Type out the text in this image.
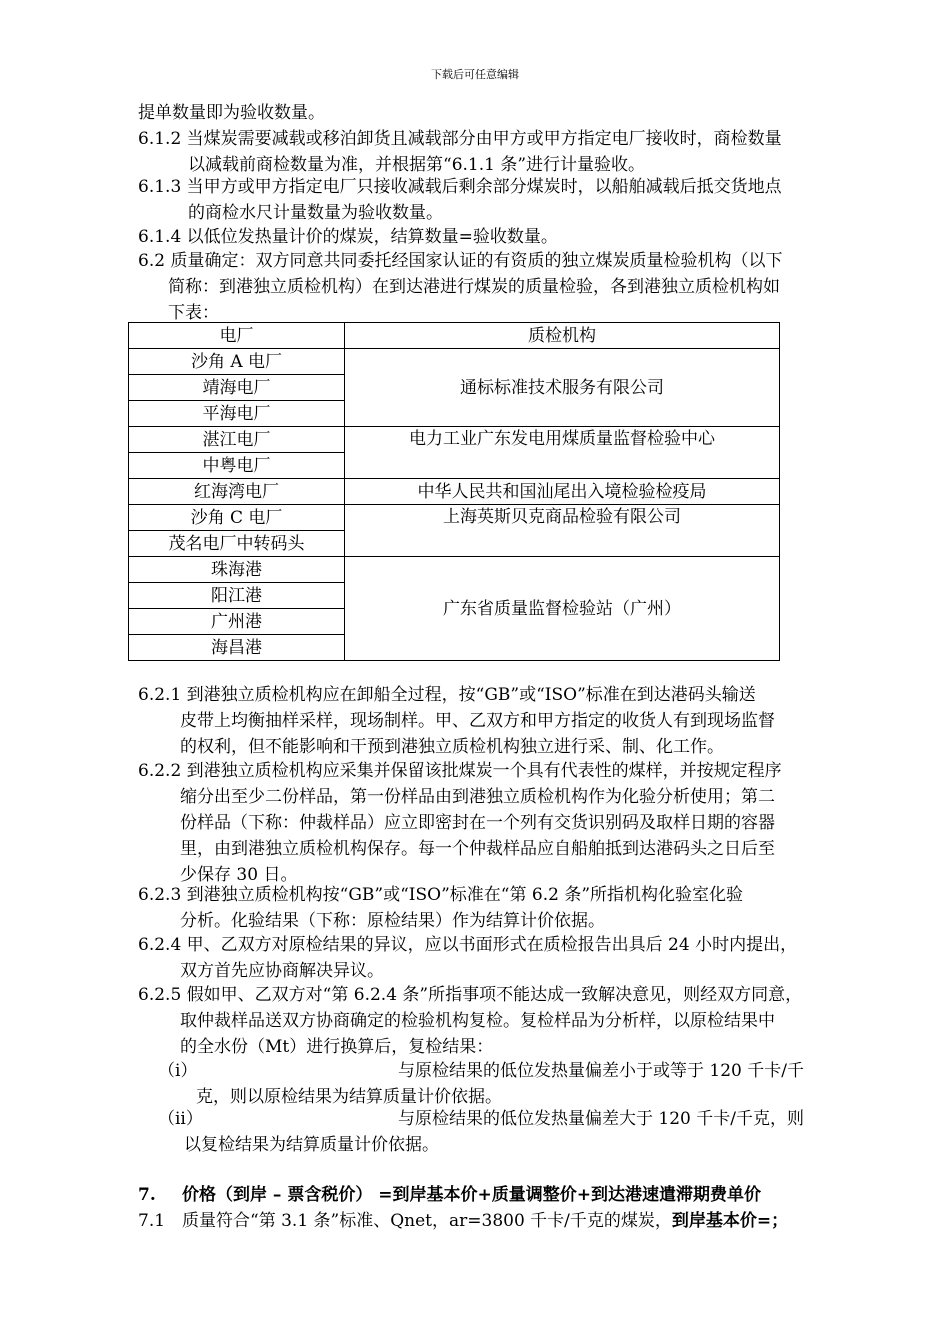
下载后可任意编辑
提单数量即为验收数量。
6.1.2 当煤炭需要减载或移泊卸货且减载部分由甲方或甲方指定电厂接收时，商检数量
以减载前商检数量为准，并根据第“6.1.1 条”进行计量验收。
6.1.3 当甲方或甲方指定电厂只接收减载后剩余部分煤炭时，以船舶减载后抵交货地点
的商检水尺计量数量为验收数量。
6.1.4 以低位发热量计价的煤炭，结算数量=验收数量。
6.2 质量确定：双方同意共同委托经国家认证的有资质的独立煤炭质量检验机构（以下
简称：到港独立质检机构）在到达港进行煤炭的质量检验，各到港独立质检机构如
下表：
电厂	质检机构
沙角 A 电厂	通标标准技术服务有限公司
靖海电厂	
平海电厂	
湛江电厂	电力工业广东发电用煤质量监督检验中心
中粤电厂	
红海湾电厂	中华人民共和国汕尾出入境检验检疫局
沙角 C 电厂	上海英斯贝克商品检验有限公司
茂名电厂中转码头	
珠海港	广东省质量监督检验站（广州）
阳江港	
广州港	
海昌港	
6.2.1 到港独立质检机构应在卸船全过程，按“GB”或“ISO”标准在到达港码头输送
皮带上均衡抽样采样，现场制样。甲、乙双方和甲方指定的收货人有到现场监督
的权利，但不能影响和干预到港独立质检机构独立进行采、制、化工作。
6.2.2 到港独立质检机构应采集并保留该批煤炭一个具有代表性的煤样，并按规定程序
缩分出至少二份样品，第一份样品由到港独立质检机构作为化验分析使用；第二
份样品（下称：仲裁样品）应立即密封在一个列有交货识别码及取样日期的容器
里，由到港独立质检机构保存。每一个仲裁样品应自船舶抵到达港码头之日后至
少保存 30 日。
6.2.3 到港独立质检机构按“GB”或“ISO”标准在“第 6.2 条”所指机构化验室化验
分析。化验结果（下称：原检结果）作为结算计价依据。
6.2.4 甲、乙双方对原检结果的异议，应以书面形式在质检报告出具后 24 小时内提出，
双方首先应协商解决异议。
6.2.5 假如甲、乙双方对“第 6.2.4 条”所指事项不能达成一致解决意见，则经双方同意，
取仲裁样品送双方协商确定的检验机构复检。复检样品为分析样，以原检结果中
的全水份（Mt）进行换算后，复检结果：
（i）	与原检结果的低位发热量偏差小于或等于 120 千卡/千
克，则以原检结果为结算质量计价依据。
（ii）	与原检结果的低位发热量偏差大于 120 千卡/千克，则
以复检结果为结算质量计价依据。
7. 价格（到岸 – 票含税价） =到岸基本价+质量调整价+到达港速遣滞期费单价
7.1 质量符合“第 3.1 条”标准、Qnet，ar=3800 千卡/千克的煤炭，到岸基本价=；
